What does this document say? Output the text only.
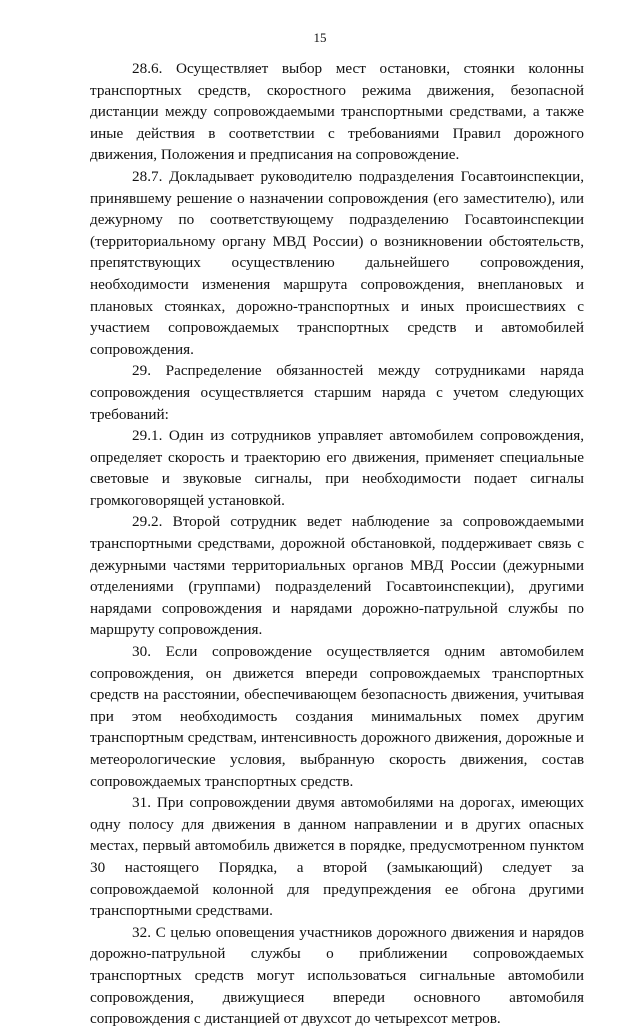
15

28.6. Осуществляет выбор мест остановки, стоянки колонны транспортных средств, скоростного режима движения, безопасной дистанции между сопровождаемыми транспортными средствами, а также иные действия в соответствии с требованиями Правил дорожного движения, Положения и предписания на сопровождение.

28.7. Докладывает руководителю подразделения Госавтоинспекции, принявшему решение о назначении сопровождения (его заместителю), или дежурному по соответствующему подразделению Госавтоинспекции (территориальному органу МВД России) о возникновении обстоятельств, препятствующих осуществлению дальнейшего сопровождения, необходимости изменения маршрута сопровождения, внеплановых и плановых стоянках, дорожно-транспортных и иных происшествиях с участием сопровождаемых транспортных средств и автомобилей сопровождения.

29. Распределение обязанностей между сотрудниками наряда сопровождения осуществляется старшим наряда с учетом следующих требований:

29.1. Один из сотрудников управляет автомобилем сопровождения, определяет скорость и траекторию его движения, применяет специальные световые и звуковые сигналы, при необходимости подает сигналы громкоговорящей установкой.

29.2. Второй сотрудник ведет наблюдение за сопровождаемыми транспортными средствами, дорожной обстановкой, поддерживает связь с дежурными частями территориальных органов МВД России (дежурными отделениями (группами) подразделений Госавтоинспекции), другими нарядами сопровождения и нарядами дорожно-патрульной службы по маршруту сопровождения.

30. Если сопровождение осуществляется одним автомобилем сопровождения, он движется впереди сопровождаемых транспортных средств на расстоянии, обеспечивающем безопасность движения, учитывая при этом необходимость создания минимальных помех другим транспортным средствам, интенсивность дорожного движения, дорожные и метеорологические условия, выбранную скорость движения, состав сопровождаемых транспортных средств.

31. При сопровождении двумя автомобилями на дорогах, имеющих одну полосу для движения в данном направлении и в других опасных местах, первый автомобиль движется в порядке, предусмотренном пунктом 30 настоящего Порядка, а второй (замыкающий) следует за сопровождаемой колонной для предупреждения ее обгона другими транспортными средствами.

32. С целью оповещения участников дорожного движения и нарядов дорожно-патрульной службы о приближении сопровождаемых транспортных средств могут использоваться сигнальные автомобили сопровождения, движущиеся впереди основного автомобиля сопровождения с дистанцией от двухсот до четырехсот метров.
